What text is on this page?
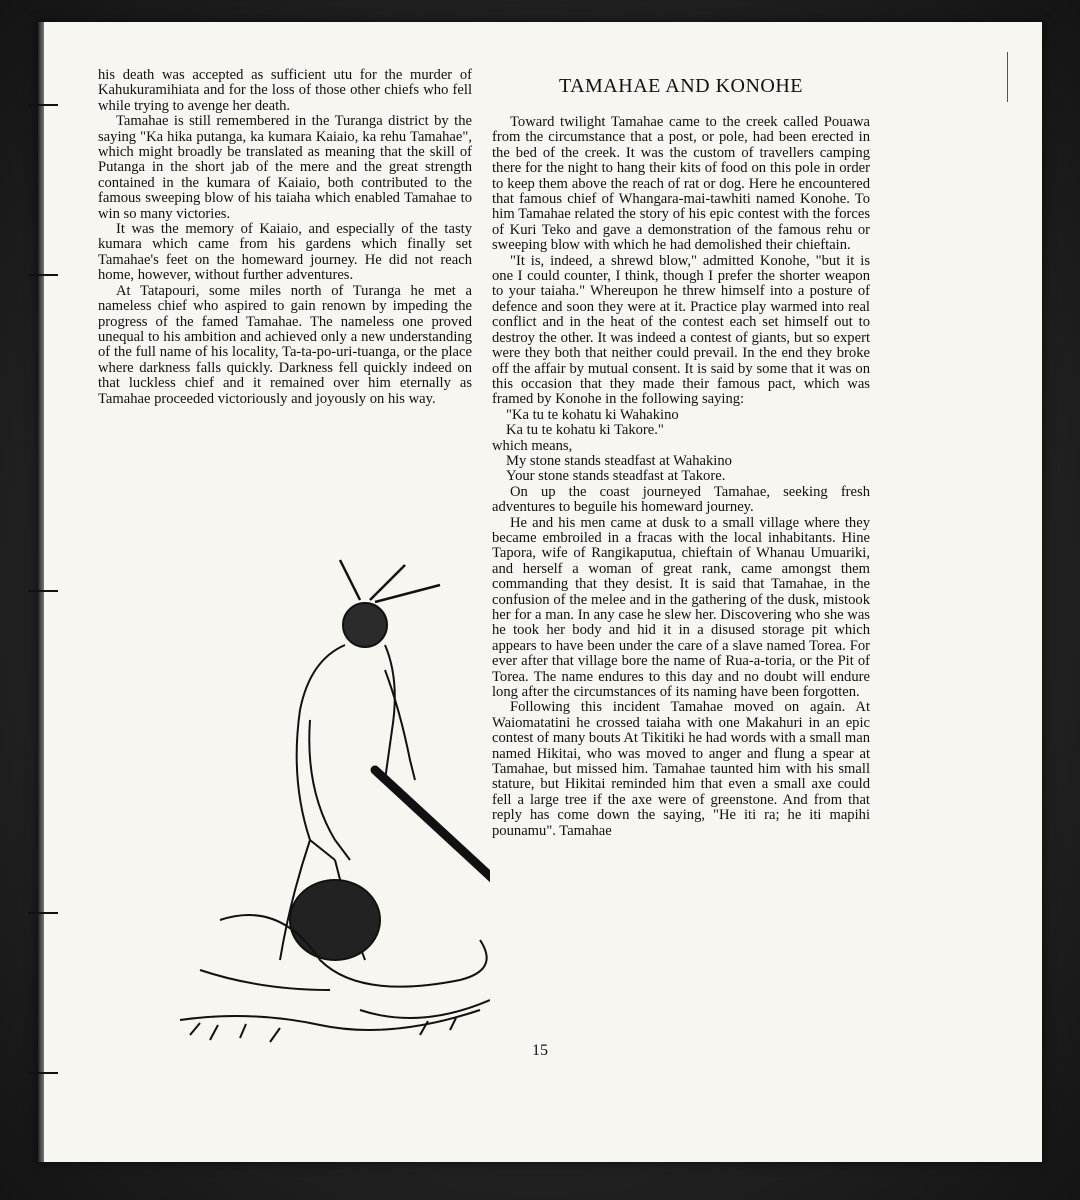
his death was accepted as sufficient utu for the murder of Kahukuramihiata and for the loss of those other chiefs who fell while trying to avenge her death.

Tamahae is still remembered in the Turanga district by the saying "Ka hika putanga, ka kumara Kaiaio, ka rehu Tamahae", which might broadly be translated as meaning that the skill of Putanga in the short jab of the mere and the great strength contained in the kumara of Kaiaio, both contributed to the famous sweeping blow of his taiaha which enabled Tamahae to win so many victories.

It was the memory of Kaiaio, and especially of the tasty kumara which came from his gardens which finally set Tamahae's feet on the homeward journey. He did not reach home, however, without further adventures.

At Tatapouri, some miles north of Turanga he met a nameless chief who aspired to gain renown by impeding the progress of the famed Tamahae. The nameless one proved unequal to his ambition and achieved only a new understanding of the full name of his locality, Ta-ta-po-uri-tuanga, or the place where darkness falls quickly. Darkness fell quickly indeed on that luckless chief and it remained over him eternally as Tamahae proceeded victoriously and joyously on his way.

TAMAHAE AND KONOHE

Toward twilight Tamahae came to the creek called Pouawa from the circumstance that a post, or pole, had been erected in the bed of the creek. It was the custom of travellers camping there for the night to hang their kits of food on this pole in order to keep them above the reach of rat or dog. Here he encountered that famous chief of Whangara-mai-tawhiti named Konohe. To him Tamahae related the story of his epic contest with the forces of Kuri Teko and gave a demonstration of the famous rehu or sweeping blow with which he had demolished their chieftain.

"It is, indeed, a shrewd blow," admitted Konohe, "but it is one I could counter, I think, though I prefer the shorter weapon to your taiaha." Whereupon he threw himself into a posture of defence and soon they were at it. Practice play warmed into real conflict and in the heat of the contest each set himself out to destroy the other. It was indeed a contest of giants, but so expert were they both that neither could prevail. In the end they broke off the affair by mutual consent. It is said by some that it was on this occasion that they made their famous pact, which was framed by Konohe in the following saying:

"Ka tu te kohatu ki Wahakino

Ka tu te kohatu ki Takore."

which means,

My stone stands steadfast at Wahakino

Your stone stands steadfast at Takore.

On up the coast journeyed Tamahae, seeking fresh adventures to beguile his homeward journey.

He and his men came at dusk to a small village where they became embroiled in a fracas with the local inhabitants. Hine Tapora, wife of Rangikaputua, chieftain of Whanau Umuariki, and herself a woman of great rank, came amongst them commanding that they desist. It is said that Tamahae, in the confusion of the melee and in the gathering of the dusk, mistook her for a man. In any case he slew her. Discovering who she was he took her body and hid it in a disused storage pit which appears to have been under the care of a slave named Torea. For ever after that village bore the name of Rua-a-toria, or the Pit of Torea. The name endures to this day and no doubt will endure long after the circumstances of its naming have been forgotten.

Following this incident Tamahae moved on again. At Waiomatatini he crossed taiaha with one Makahuri in an epic contest of many bouts At Tikitiki he had words with a small man named Hikitai, who was moved to anger and flung a spear at Tamahae, but missed him. Tamahae taunted him with his small stature, but Hikitai reminded him that even a small axe could fell a large tree if the axe were of greenstone. And from that reply has come down the saying, "He iti ra; he iti mapihi pounamu". Tamahae

15
